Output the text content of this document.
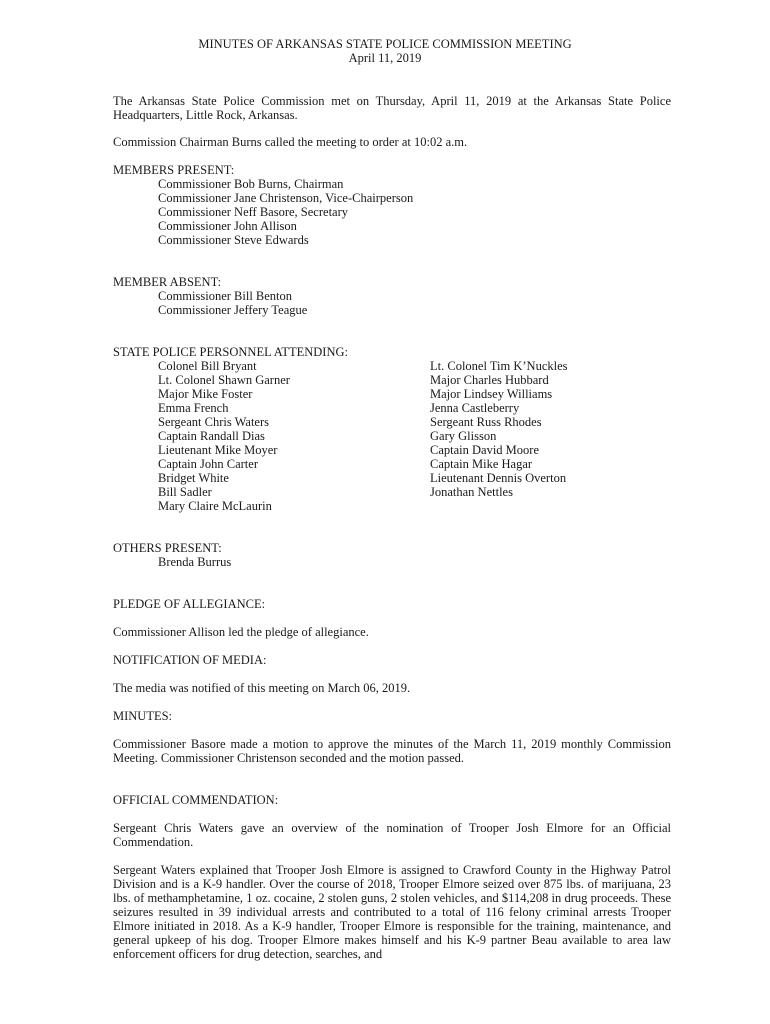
MINUTES OF ARKANSAS STATE POLICE COMMISSION MEETING
April 11, 2019
The Arkansas State Police Commission met on Thursday, April 11, 2019 at the Arkansas State Police Headquarters, Little Rock, Arkansas.
Commission Chairman Burns called the meeting to order at 10:02 a.m.
MEMBERS PRESENT:
Commissioner Bob Burns, Chairman
Commissioner Jane Christenson, Vice-Chairperson
Commissioner Neff Basore, Secretary
Commissioner John Allison
Commissioner Steve Edwards
MEMBER ABSENT:
Commissioner Bill Benton
Commissioner Jeffery Teague
STATE POLICE PERSONNEL ATTENDING:
Colonel Bill Bryant
Lt. Colonel Shawn Garner
Major Mike Foster
Emma French
Sergeant Chris Waters
Captain Randall Dias
Lieutenant Mike Moyer
Captain John Carter
Bridget White
Bill Sadler
Mary Claire McLaurin
Lt. Colonel Tim K’Nuckles
Major Charles Hubbard
Major Lindsey Williams
Jenna Castleberry
Sergeant Russ Rhodes
Gary Glisson
Captain David Moore
Captain Mike Hagar
Lieutenant Dennis Overton
Jonathan Nettles
OTHERS PRESENT:
Brenda Burrus
PLEDGE OF ALLEGIANCE:
Commissioner Allison led the pledge of allegiance.
NOTIFICATION OF MEDIA:
The media was notified of this meeting on March 06, 2019.
MINUTES:
Commissioner Basore made a motion to approve the minutes of the March 11, 2019 monthly Commission Meeting. Commissioner Christenson seconded and the motion passed.
OFFICIAL COMMENDATION:
Sergeant Chris Waters gave an overview of the nomination of Trooper Josh Elmore for an Official Commendation.
Sergeant Waters explained that Trooper Josh Elmore is assigned to Crawford County in the Highway Patrol Division and is a K-9 handler. Over the course of 2018, Trooper Elmore seized over 875 lbs. of marijuana, 23 lbs. of methamphetamine, 1 oz. cocaine, 2 stolen guns, 2 stolen vehicles, and $114,208 in drug proceeds. These seizures resulted in 39 individual arrests and contributed to a total of 116 felony criminal arrests Trooper Elmore initiated in 2018. As a K-9 handler, Trooper Elmore is responsible for the training, maintenance, and general upkeep of his dog. Trooper Elmore makes himself and his K-9 partner Beau available to area law enforcement officers for drug detection, searches, and
